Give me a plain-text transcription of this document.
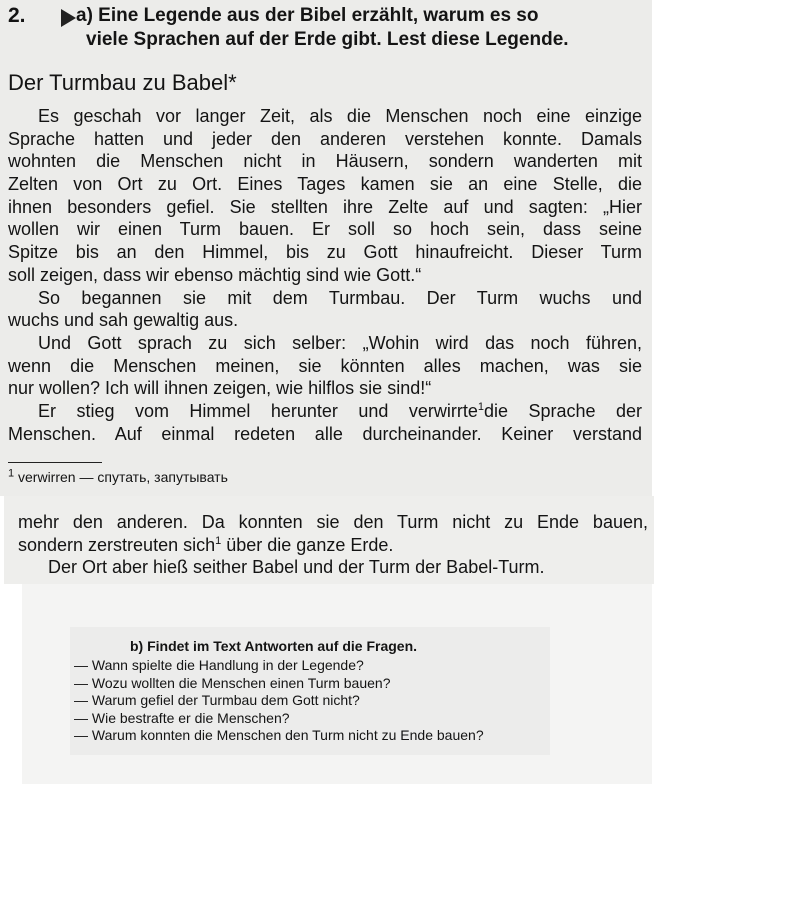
2.	a) Eine Legende aus der Bibel erzählt, warum es so
viele Sprachen auf der Erde gibt. Lest diese Legende.
Der Turmbau zu Babel*
Es geschah vor langer Zeit, als die Menschen noch eine einzige
Sprache hatten und jeder den anderen verstehen konnte. Damals
wohnten die Menschen nicht in Häusern, sondern wanderten mit
Zelten von Ort zu Ort. Eines Tages kamen sie an eine Stelle, die
ihnen besonders gefiel. Sie stellten ihre Zelte auf und sagten: „Hier
wollen wir einen Turm bauen. Er soll so hoch sein, dass seine
Spitze bis an den Himmel, bis zu Gott hinaufreicht. Dieser Turm
soll zeigen, dass wir ebenso mächtig sind wie Gott.“
So begannen sie mit dem Turmbau. Der Turm wuchs und
wuchs und sah gewaltig aus.
Und Gott sprach zu sich selber: „Wohin wird das noch führen,
wenn die Menschen meinen, sie könnten alles machen, was sie
nur wollen? Ich will ihnen zeigen, wie hilflos sie sind!“
Er stieg vom Himmel herunter und verwirrte$^1$die Sprache der
Menschen. Auf einmal redeten alle durcheinander. Keiner verstand
$^1$ verwirren — спутать, запутывать
mehr den anderen. Da konnten sie den Turm nicht zu Ende bauen,
sondern zerstreuten sich$^1$ über die ganze Erde.
Der Ort aber hieß seither Babel und der Turm der Babel-Turm.
b) Findet im Text Antworten auf die Fragen.
— Wann spielte die Handlung in der Legende?
— Wozu wollten die Menschen einen Turm bauen?
— Warum gefiel der Turmbau dem Gott nicht?
— Wie bestrafte er die Menschen?
— Warum konnten die Menschen den Turm nicht zu Ende bauen?
